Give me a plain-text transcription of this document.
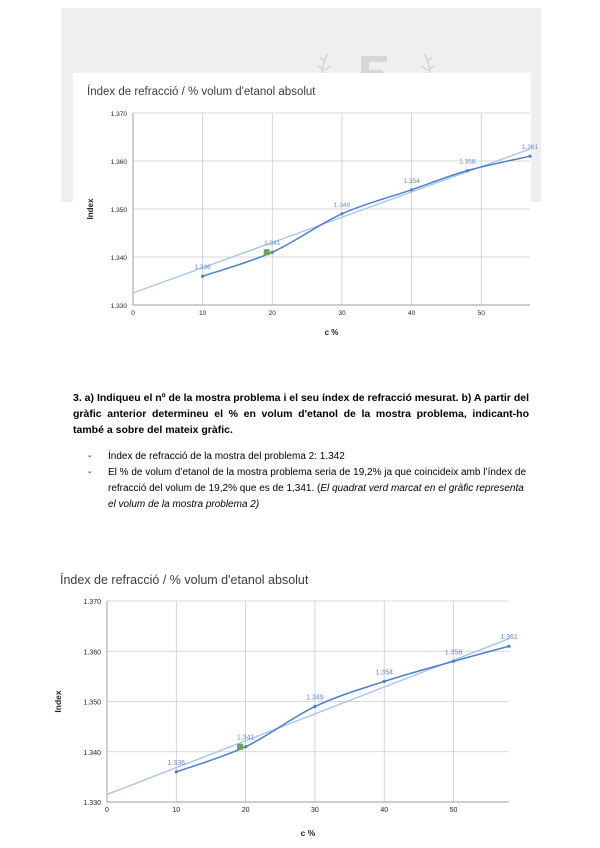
Índex de refracció / % volum d'etanol absolut
0	10	20	30	40	50
1.330
1.340
1.350
1.360
1.370
c %
Index
1.336
1.341
1.349
1.354
1.358
1.361
3. a) Indiqueu el nº de la mostra problema i el seu índex de refracció mesurat. b) A partir del gràfic anterior determineu el % en volum d'etanol de la mostra problema, indicant-ho també a sobre del mateix gràfic.
- Índex de refracció de la mostra del problema 2: 1.342
- El % de volum d’etanol de la mostra problema seria de 19,2% ja que coincideix amb l’índex de refracció del volum de 19,2% que es de 1,341. (El quadrat verd marcat en el gràfic representa el volum de la mostra problema 2)
Índex de refracció / % volum d'etanol absolut
0	10	20	30	40	50
1.330
1.340
1.350
1.360
1.370
c %
Index
1.336
1.341
1.349
1.354
1.358
1.361
